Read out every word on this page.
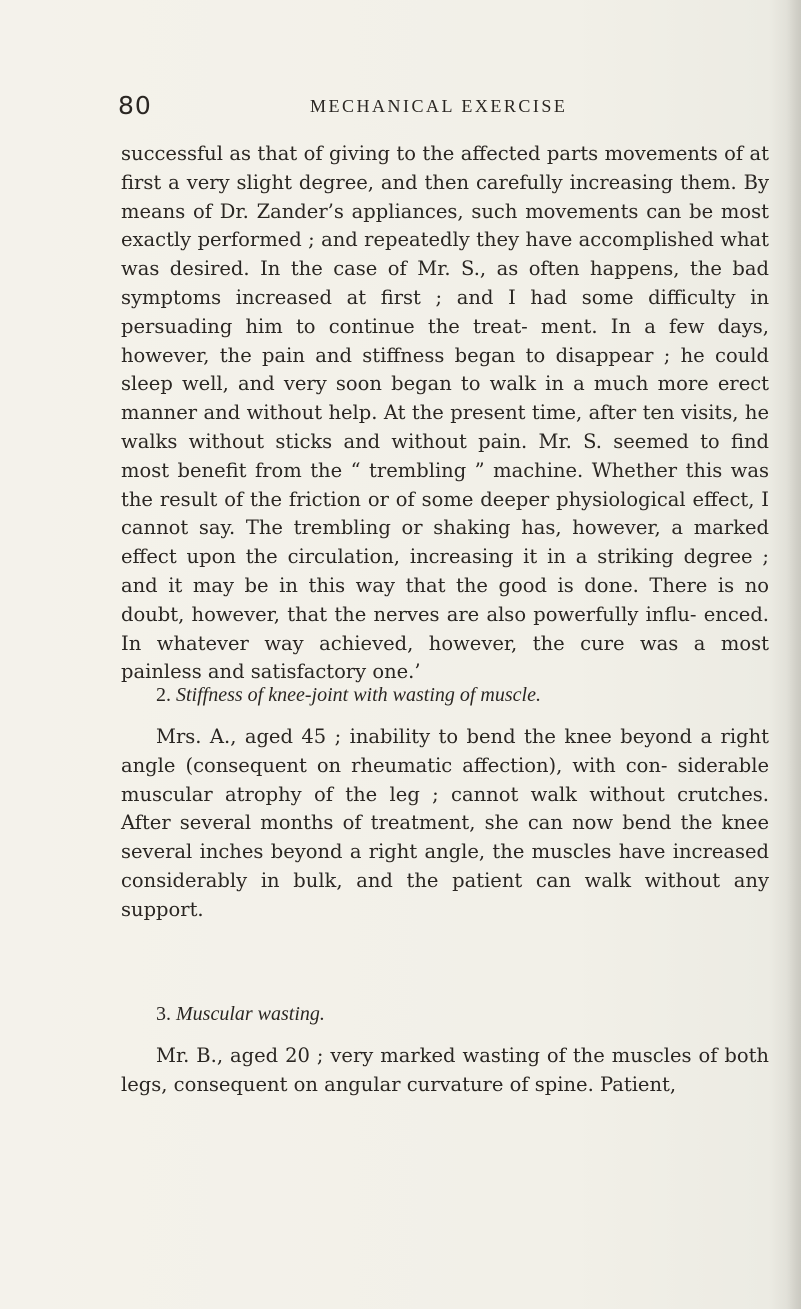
80	MECHANICAL EXERCISE

successful as that of giving to the affected parts movements of at first a very slight degree, and then carefully increasing them. By means of Dr. Zander’s appliances, such movements can be most exactly performed ; and repeatedly they have accomplished what was desired. In the case of Mr. S., as often happens, the bad symptoms increased at first ; and I had some difficulty in persuading him to continue the treat- ment. In a few days, however, the pain and stiffness began to disappear ; he could sleep well, and very soon began to walk in a much more erect manner and without help. At the present time, after ten visits, he walks without sticks and without pain. Mr. S. seemed to find most benefit from the “ trembling ” machine. Whether this was the result of the friction or of some deeper physiological effect, I cannot say. The trembling or shaking has, however, a marked effect upon the circulation, increasing it in a striking degree ; and it may be in this way that the good is done. There is no doubt, however, that the nerves are also powerfully influ- enced. In whatever way achieved, however, the cure was a most painless and satisfactory one.’

2. Stiffness of knee-joint with wasting of muscle.

Mrs. A., aged 45 ; inability to bend the knee beyond a right angle (consequent on rheumatic affection), with con- siderable muscular atrophy of the leg ; cannot walk without crutches. After several months of treatment, she can now bend the knee several inches beyond a right angle, the muscles have increased considerably in bulk, and the patient can walk without any support.

3. Muscular wasting.

Mr. B., aged 20 ; very marked wasting of the muscles of both legs, consequent on angular curvature of spine. Patient,
